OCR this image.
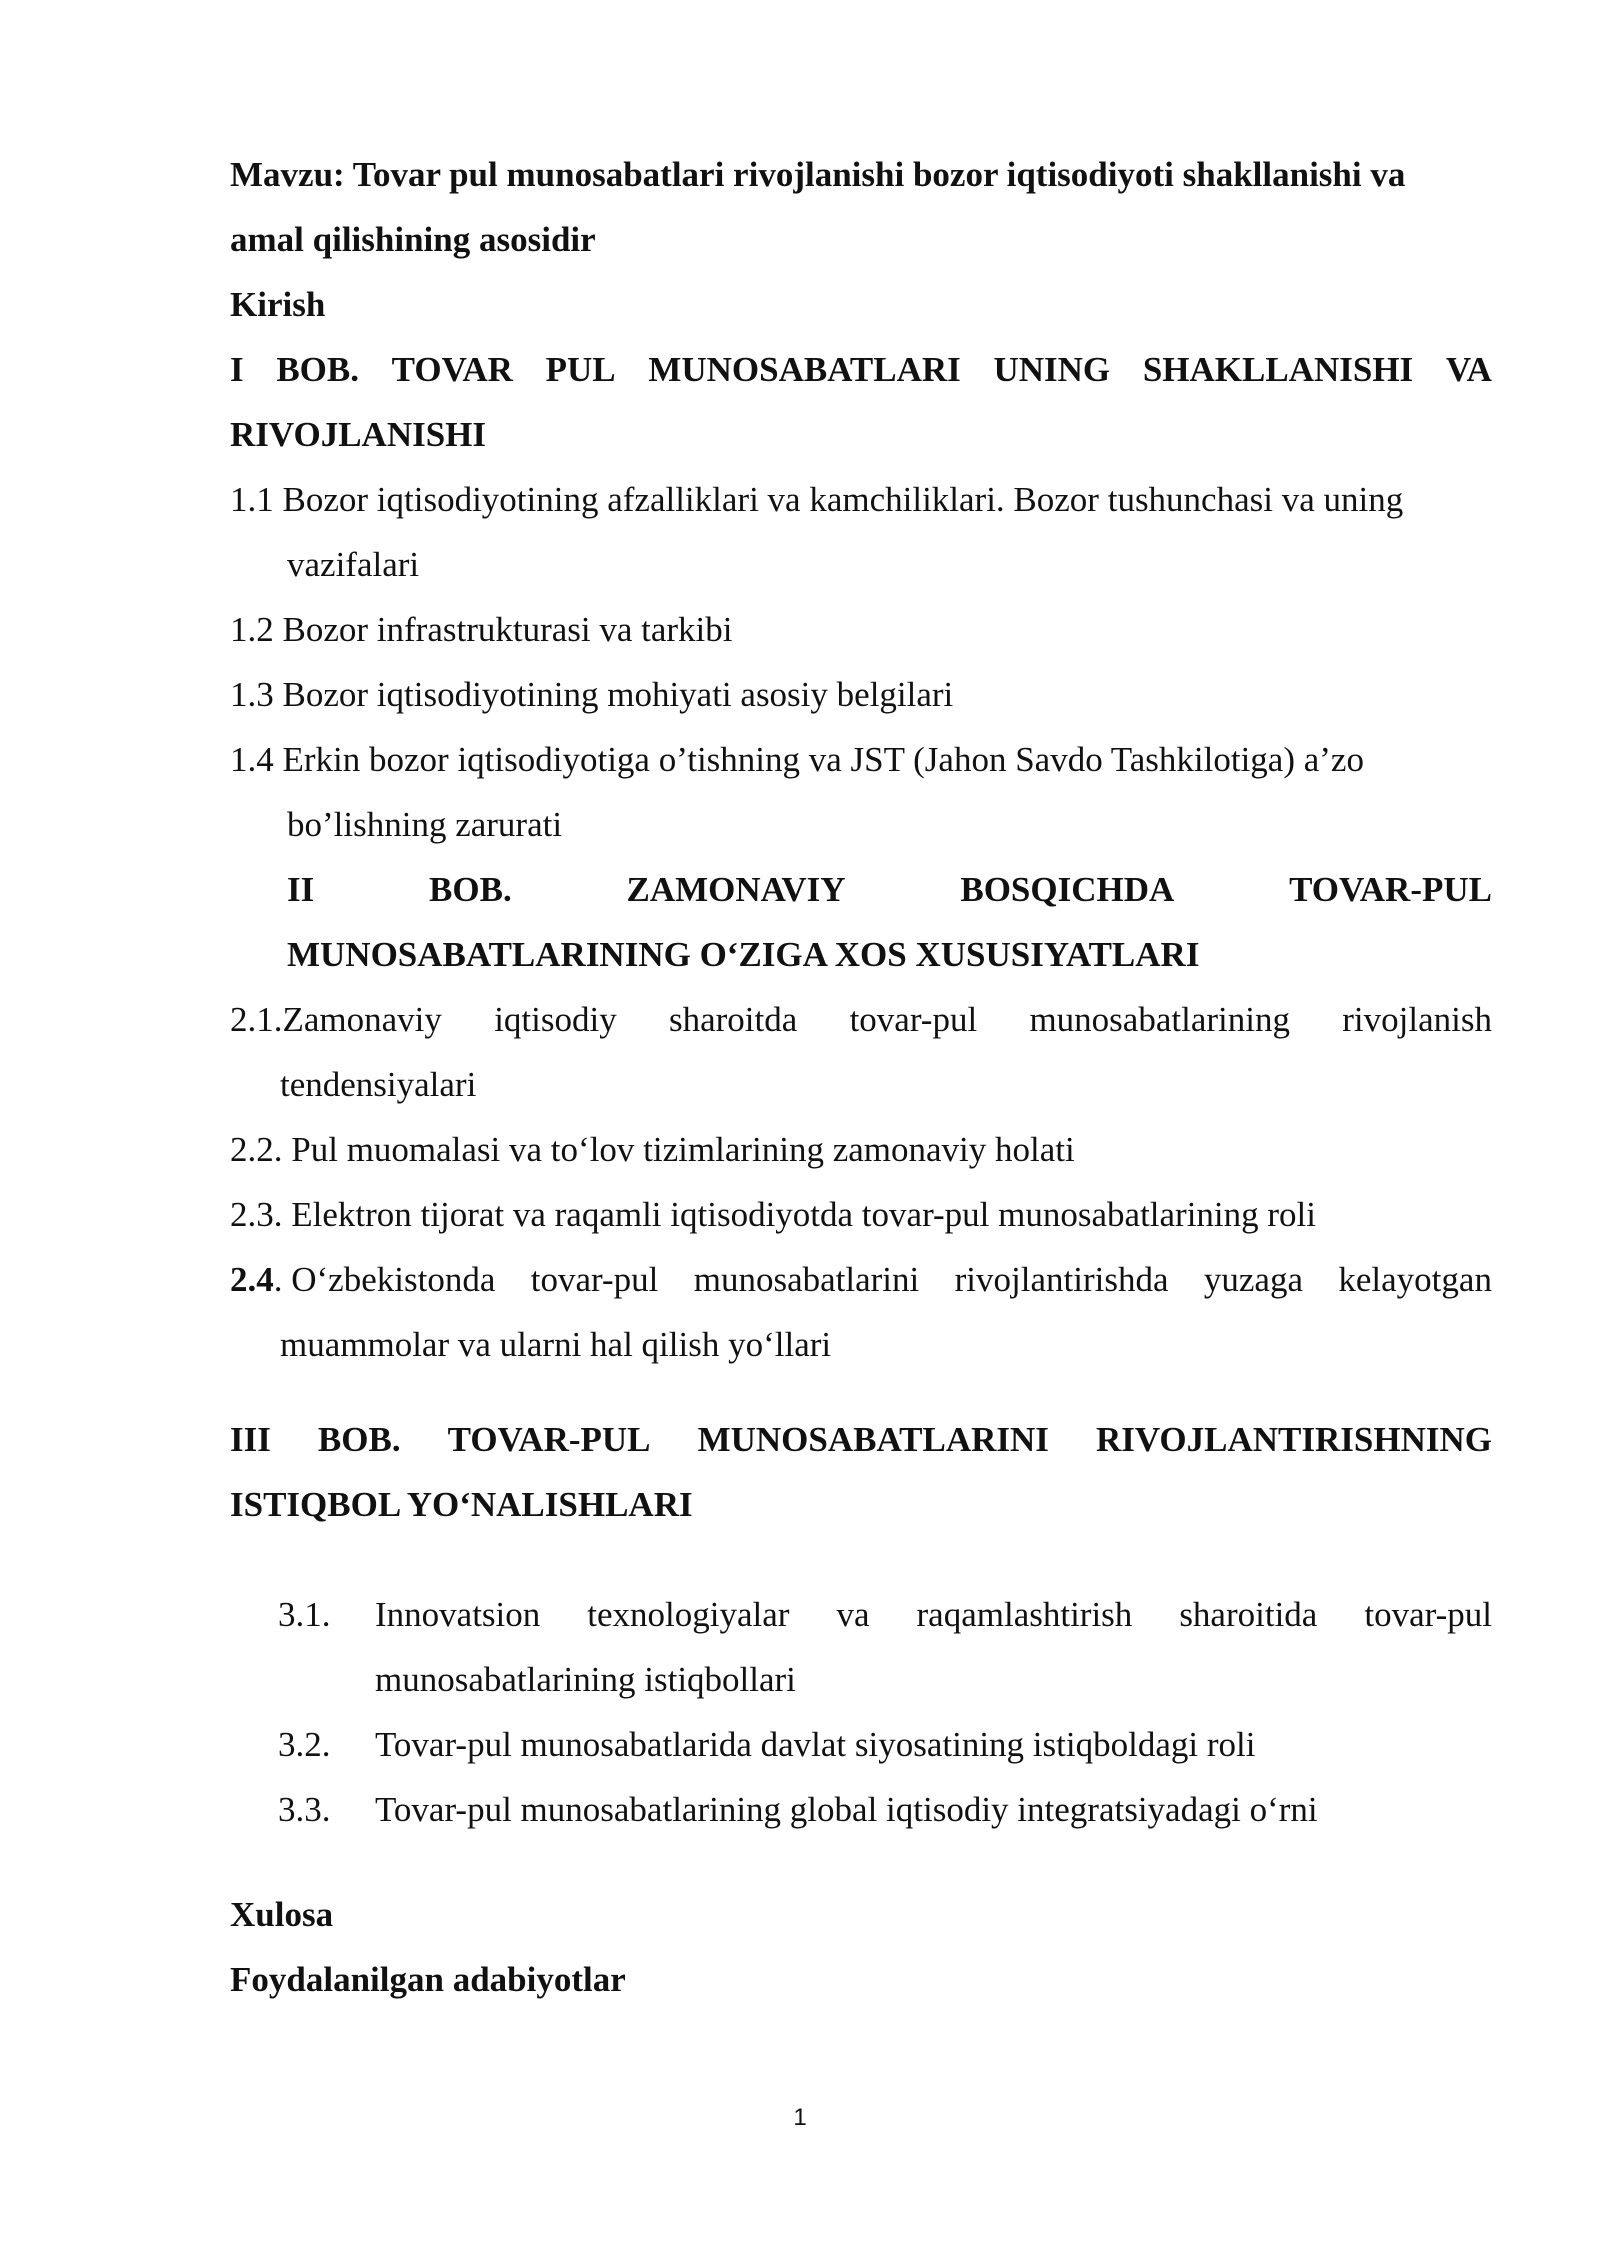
Mavzu: Tovar pul munosabatlari rivojlanishi bozor iqtisodiyoti shakllanishi va
amal qilishining asosidir
Kirish
I BOB. TOVAR PUL MUNOSABATLARI UNING SHAKLLANISHI VA
RIVOJLANISHI
1.1 Bozor iqtisodiyotining afzalliklari va kamchiliklari. Bozor tushunchasi va uning
vazifalari
1.2 Bozor infrastrukturasi va tarkibi
1.3 Bozor iqtisodiyotining mohiyati asosiy belgilari
1.4 Erkin bozor iqtisodiyotiga o’tishning va JST (Jahon Savdo Tashkilotiga) a’zo
bo’lishning zarurati
II	BOB.	ZAMONAVIY	BOSQICHDA	TOVAR-PUL
MUNOSABATLARINING O‘ZIGA XOS XUSUSIYATLARI
2.1.Zamonaviy iqtisodiy sharoitda tovar-pul munosabatlarining rivojlanish
tendensiyalari
2.2. Pul muomalasi va to‘lov tizimlarining zamonaviy holati
2.3. Elektron tijorat va raqamli iqtisodiyotda tovar-pul munosabatlarining roli
2.4. O‘zbekistonda tovar-pul munosabatlarini rivojlantirishda yuzaga kelayotgan
muammolar va ularni hal qilish yo‘llari
III BOB. TOVAR-PUL MUNOSABATLARINI RIVOJLANTIRISHNING
ISTIQBOL YO‘NALISHLARI
3.1. Innovatsion texnologiyalar va raqamlashtirish sharoitida tovar-pul
munosabatlarining istiqbollari
3.2. Tovar-pul munosabatlarida davlat siyosatining istiqboldagi roli
3.3. Tovar-pul munosabatlarining global iqtisodiy integratsiyadagi o‘rni
Xulosa
Foydalanilgan adabiyotlar
1
